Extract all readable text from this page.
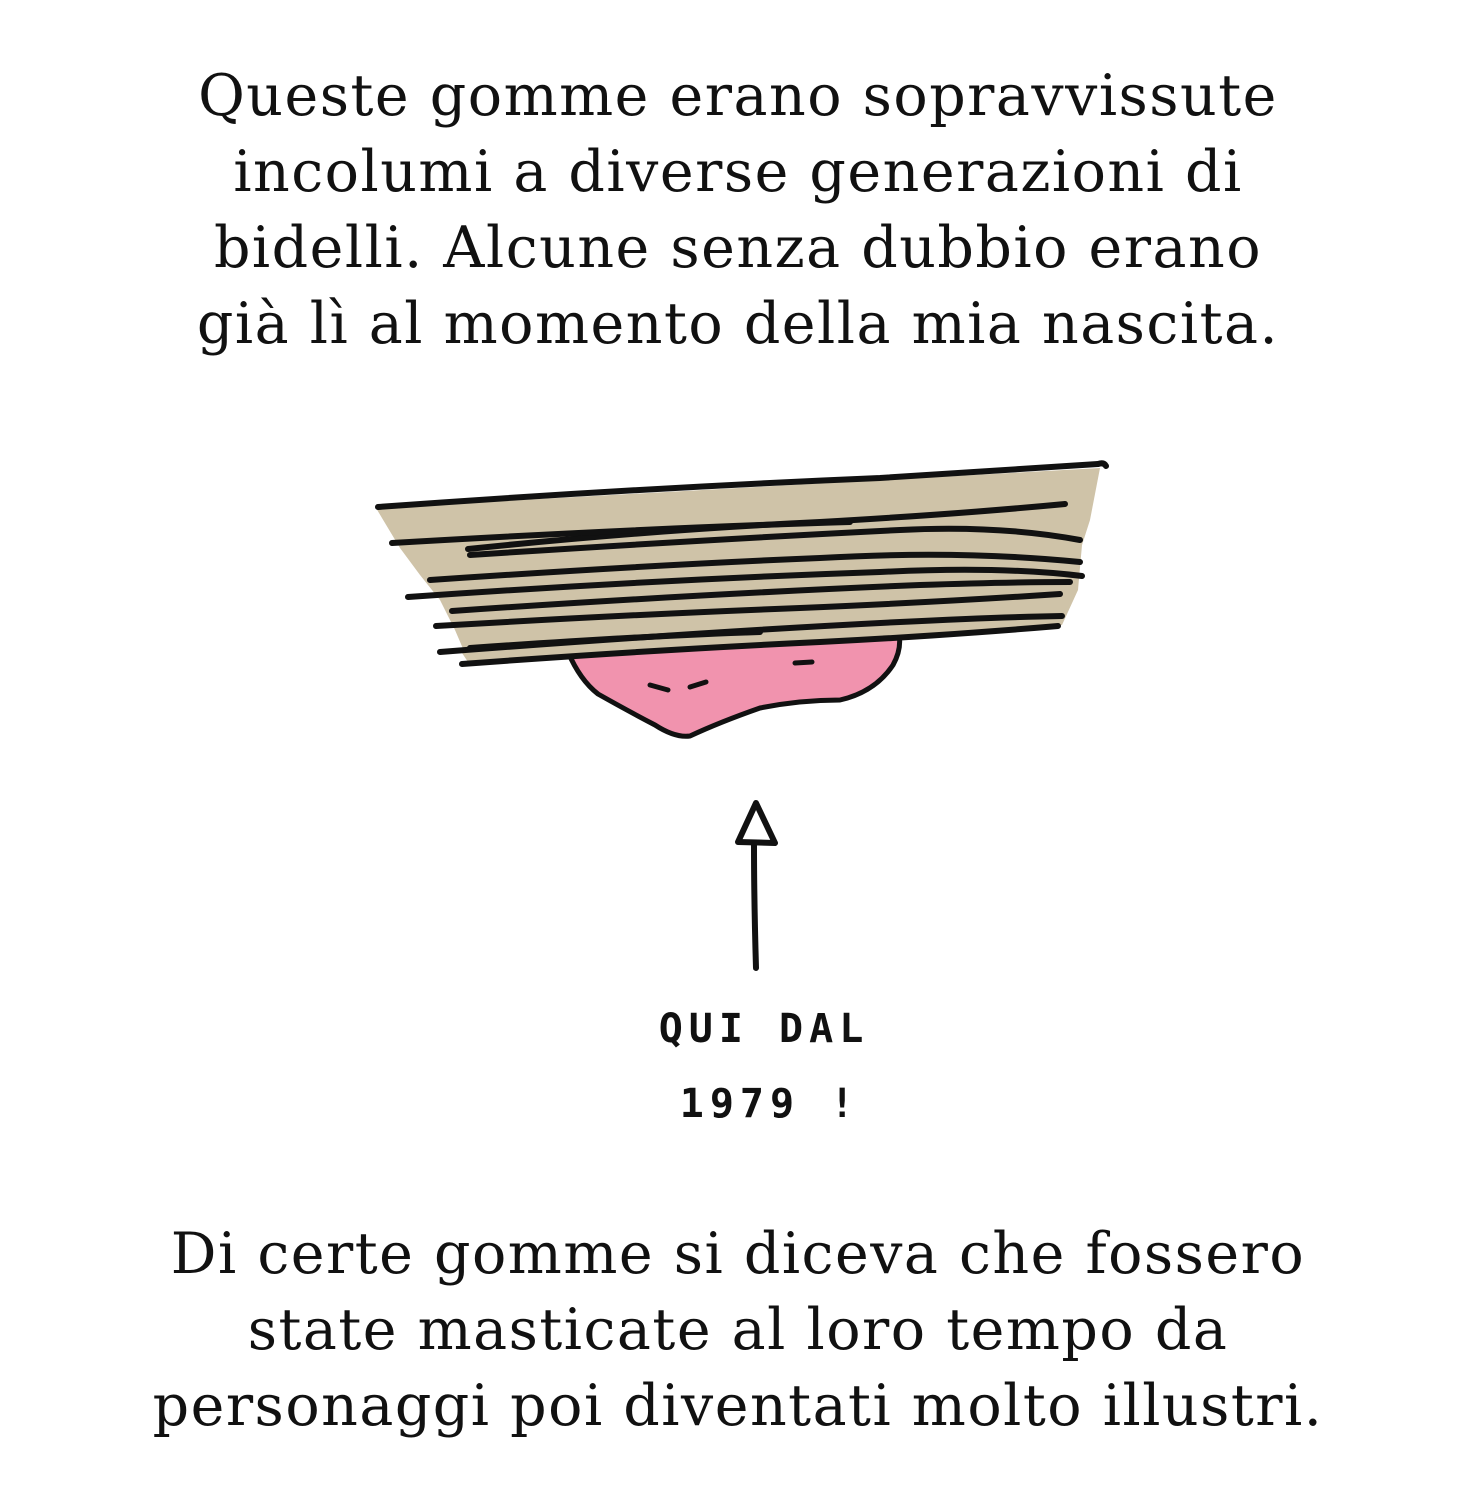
Queste gomme erano sopravvissute
incolumi a diverse generazioni di
bidelli. Alcune senza dubbio erano
già lì al momento della mia nascita.
QUI DAL
1979 !
Di certe gomme si diceva che fossero
state masticate al loro tempo da
personaggi poi diventati molto illustri.
